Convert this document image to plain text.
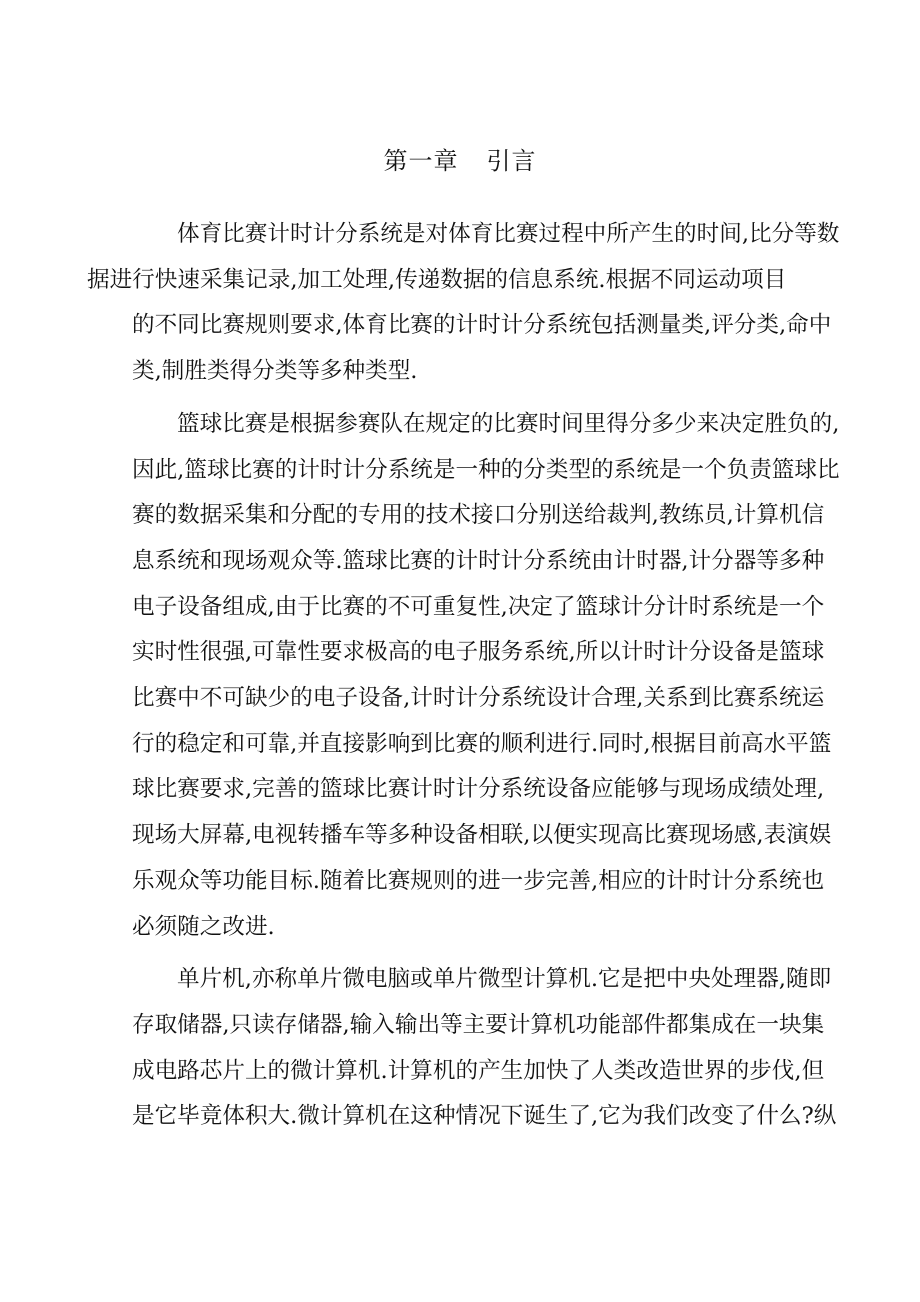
第一章 引言

体育比赛计时计分系统是对体育比赛过程中所产生的时间,比分等数
据进行快速采集记录,加工处理,传递数据的信息系统.根据不同运动项目
的不同比赛规则要求,体育比赛的计时计分系统包括测量类,评分类,命中
类,制胜类得分类等多种类型.

篮球比赛是根据参赛队在规定的比赛时间里得分多少来决定胜负的,
因此,篮球比赛的计时计分系统是一种的分类型的系统是一个负责篮球比
赛的数据采集和分配的专用的技术接口分别送给裁判,教练员,计算机信
息系统和现场观众等.篮球比赛的计时计分系统由计时器,计分器等多种
电子设备组成,由于比赛的不可重复性,决定了篮球计分计时系统是一个
实时性很强,可靠性要求极高的电子服务系统,所以计时计分设备是篮球
比赛中不可缺少的电子设备,计时计分系统设计合理,关系到比赛系统运
行的稳定和可靠,并直接影响到比赛的顺利进行.同时,根据目前高水平篮
球比赛要求,完善的篮球比赛计时计分系统设备应能够与现场成绩处理,
现场大屏幕,电视转播车等多种设备相联,以便实现高比赛现场感,表演娱
乐观众等功能目标.随着比赛规则的进一步完善,相应的计时计分系统也
必须随之改进.

单片机,亦称单片微电脑或单片微型计算机.它是把中央处理器,随即
存取储器,只读存储器,输入输出等主要计算机功能部件都集成在一块集
成电路芯片上的微计算机.计算机的产生加快了人类改造世界的步伐,但
是它毕竟体积大.微计算机在这种情况下诞生了,它为我们改变了什么?纵
